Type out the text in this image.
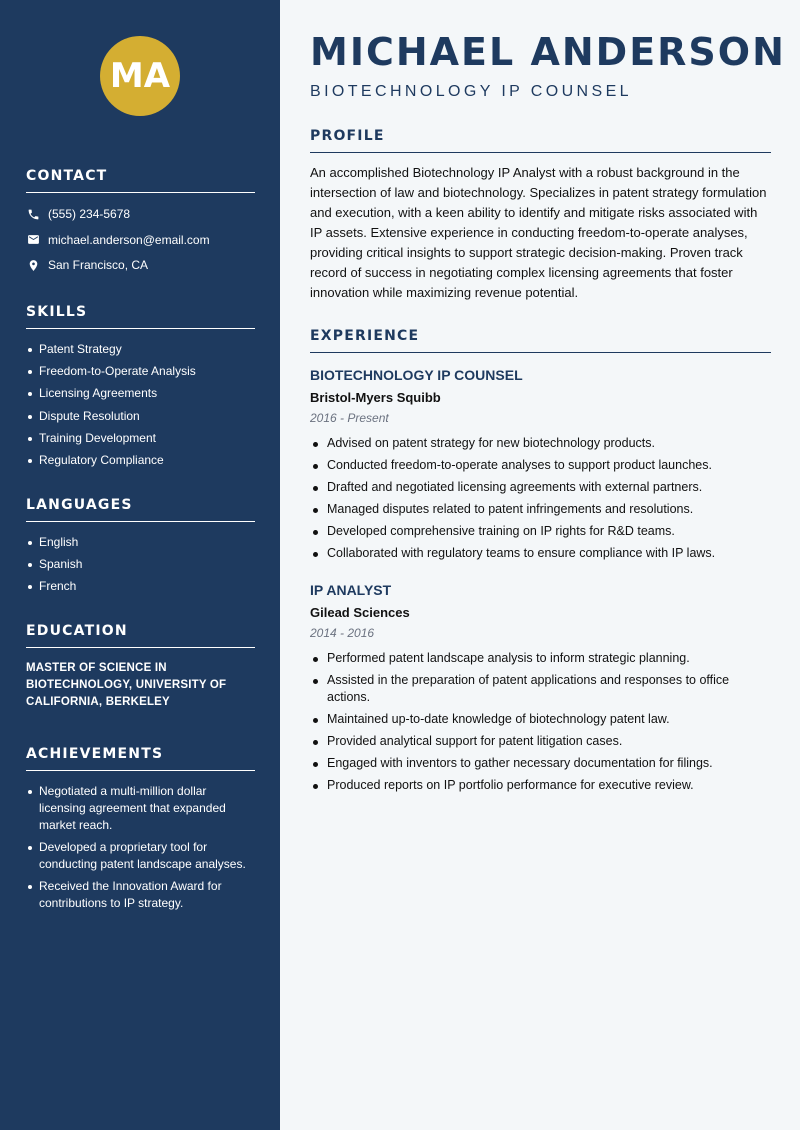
MA
CONTACT
(555) 234-5678
michael.anderson@email.com
San Francisco, CA
SKILLS
Patent Strategy
Freedom-to-Operate Analysis
Licensing Agreements
Dispute Resolution
Training Development
Regulatory Compliance
LANGUAGES
English
Spanish
French
EDUCATION
MASTER OF SCIENCE IN BIOTECHNOLOGY, UNIVERSITY OF CALIFORNIA, BERKELEY
ACHIEVEMENTS
Negotiated a multi-million dollar licensing agreement that expanded market reach.
Developed a proprietary tool for conducting patent landscape analyses.
Received the Innovation Award for contributions to IP strategy.
MICHAEL ANDERSON
BIOTECHNOLOGY IP COUNSEL
PROFILE
An accomplished Biotechnology IP Analyst with a robust background in the intersection of law and biotechnology. Specializes in patent strategy formulation and execution, with a keen ability to identify and mitigate risks associated with IP assets. Extensive experience in conducting freedom-to-operate analyses, providing critical insights to support strategic decision-making. Proven track record of success in negotiating complex licensing agreements that foster innovation while maximizing revenue potential.
EXPERIENCE
BIOTECHNOLOGY IP COUNSEL
Bristol-Myers Squibb
2016 - Present
Advised on patent strategy for new biotechnology products.
Conducted freedom-to-operate analyses to support product launches.
Drafted and negotiated licensing agreements with external partners.
Managed disputes related to patent infringements and resolutions.
Developed comprehensive training on IP rights for R&D teams.
Collaborated with regulatory teams to ensure compliance with IP laws.
IP ANALYST
Gilead Sciences
2014 - 2016
Performed patent landscape analysis to inform strategic planning.
Assisted in the preparation of patent applications and responses to office actions.
Maintained up-to-date knowledge of biotechnology patent law.
Provided analytical support for patent litigation cases.
Engaged with inventors to gather necessary documentation for filings.
Produced reports on IP portfolio performance for executive review.
